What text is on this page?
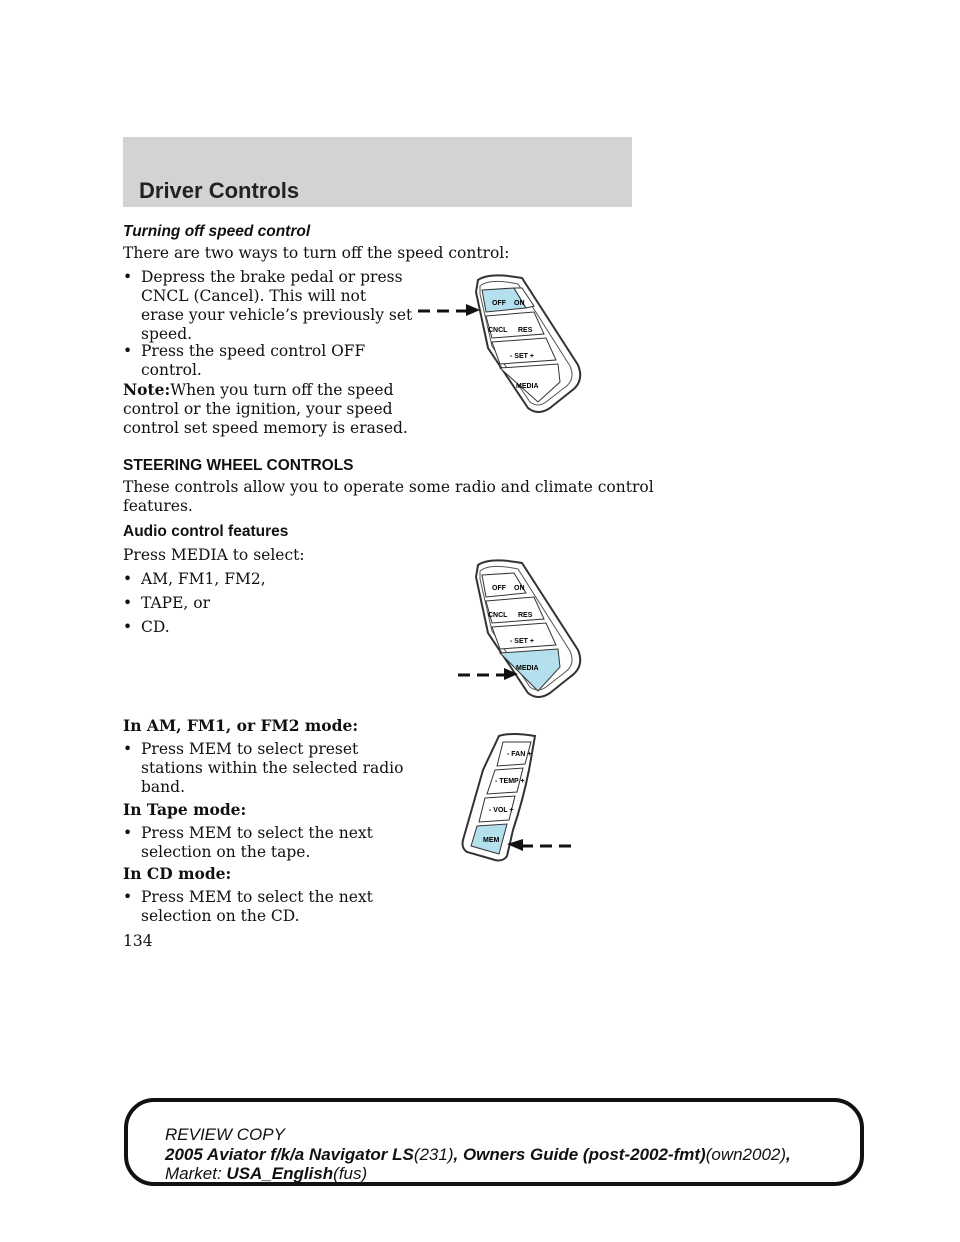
Driver Controls
Turning off speed control
There are two ways to turn off the speed control:
• Depress the brake pedal or press
CNCL (Cancel). This will not
erase your vehicle’s previously set
speed.
• Press the speed control OFF
control.
Note:When you turn off the speed
control or the ignition, your speed
control set speed memory is erased.
STEERING WHEEL CONTROLS
These controls allow you to operate some radio and climate control
features.
Audio control features
Press MEDIA to select:
• AM, FM1, FM2,
• TAPE, or
• CD.
In AM, FM1, or FM2 mode:
• Press MEM to select preset
stations within the selected radio
band.
In Tape mode:
• Press MEM to select the next
selection on the tape.
In CD mode:
• Press MEM to select the next
selection on the CD.
134
OFF ON
CNCL RES
- SET +
MEDIA
OFF ON
CNCL RES
- SET +
MEDIA
- FAN +
- TEMP +
- VOL +
MEM
REVIEW COPY
2005 Aviator f/k/a Navigator LS(231), Owners Guide (post-2002-fmt)(own2002),
Market: USA_English(fus)
